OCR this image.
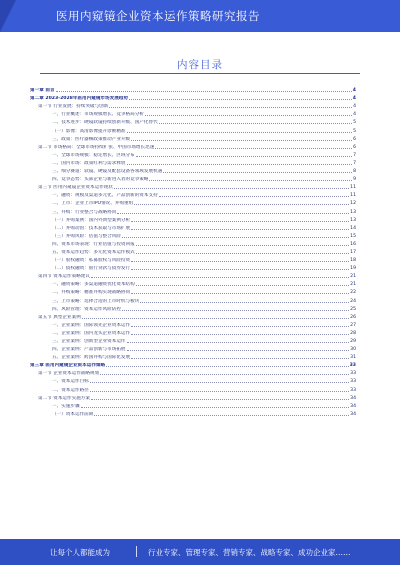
医用内窥镜企业资本运作策略研究报告
内容目录
第一章 前言	4
第二章 2023-2028年医用内窥镜市场发展趋势	4
第一节 行业发展：持续突破与创新	4
一、行业概述：市场规模增长、竞争格局分析	4
二、技术进步：硬镜软镜持续创新升级、国产化替代	5
（一）影像：高清影像提升诊断精准	5
三、政策：医疗器械政策推动产业升级	6
第二节 市场格局：全球市场持续扩张、中国市场增长迅速	6
一、全球市场规模：稳定增长、区域分布	7
二、国内市场：政策红利与需求释放	7
三、细分赛道：软镜、硬镜及配套设备各领域发展机遇	8
四、竞争态势：头部企业与新进入者的竞争策略	9
第三节 医用内窥镜企业资本运作现状	11
一、融资：规模及渠道多元化、产品创新的资本支持	11
二、上市：企业上市IPO情况、并购重组	12
三、并购：行业整合与战略协同	13
（一）并购案例：国内外典型案例分析	13
（二）并购动因：技术获取与市场扩展	14
（三）并购风险：估值与整合风险	15
四、资本市场表现：行业估值与投资回报	16
五、资本运作趋势：多元化资本运作模式	17
（一）股权融资：私募股权与风险投资	18
（二）债权融资：银行贷款与债券发行	19
第四节 资本运作策略建议	21
一、融资策略：多渠道融资优化资本结构	21
二、并购策略：精准并购实现战略协同	22
三、上市策略：选择合适的上市时机与板块	24
四、风险管理：资本运作风险防控	25
第五节 典型企业案例	26
一、企业案例：国际领先企业资本运作	27
二、企业案例：国内龙头企业资本运作	28
三、企业案例：创新型企业资本运作	29
四、企业案例：产品创新与市场拓展	30
五、企业案例：跨国并购与国际化发展	31
第三章 医用内窥镜企业资本运作策略	33
第一节 企业资本运作战略规划	33
一、资本运作目标	33
二、资本运作路径	33
第二节 资本运作实施方案	34
一、实施步骤	34
（一）资本运作前期	34
让每个人都能成为	行业专家、管理专家、营销专家、战略专家、成功企业家……
